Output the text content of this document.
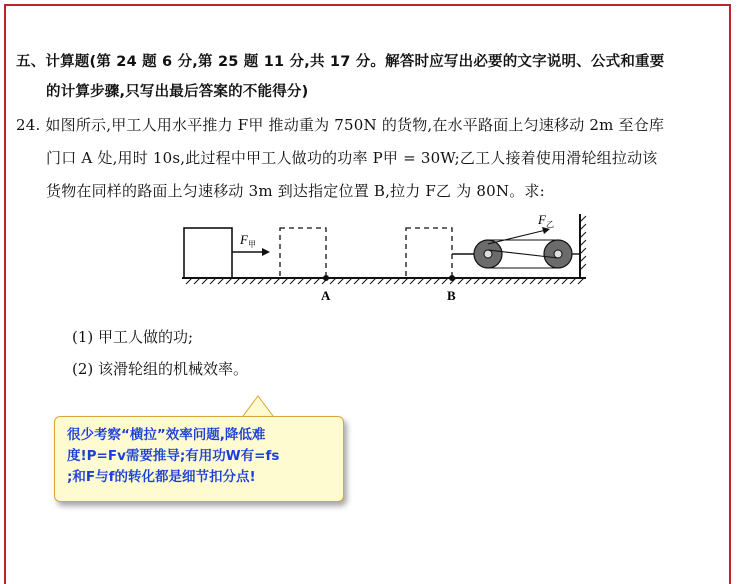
五、计算题(第 24 题 6 分,第 25 题 11 分,共 17 分。解答时应写出必要的文字说明、公式和重要
的计算步骤,只写出最后答案的不能得分)
24. 如图所示,甲工人用水平推力 F甲 推动重为 750N 的货物,在水平路面上匀速移动 2m 至仓库
门口 A 处,用时 10s,此过程中甲工人做功的功率 P甲 = 30W;乙工人接着使用滑轮组拉动该
货物在同样的路面上匀速移动 3m 到达指定位置 B,拉力 F乙 为 80N。求:
$F_甲$
A	B
$F_乙$
(1) 甲工人做的功;
(2) 该滑轮组的机械效率。
很少考察“横拉”效率问题,降低难
度!P=Fv需要推导;有用功W有=fs
;和F与f的转化都是细节扣分点!
